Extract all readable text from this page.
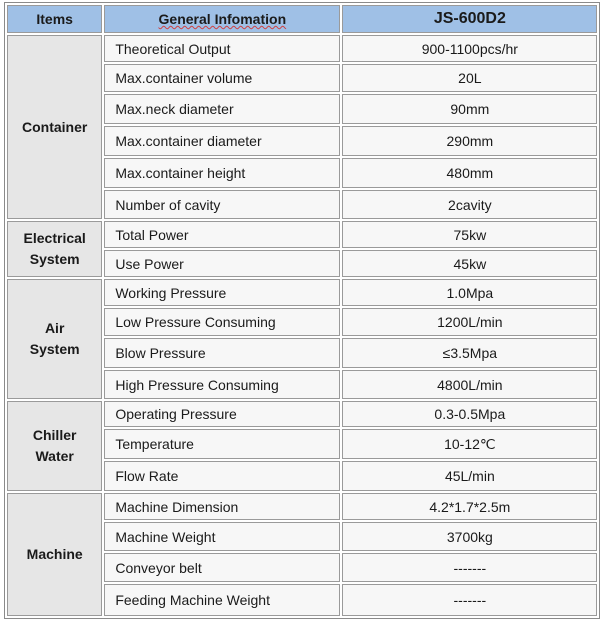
Items	General Infomation	JS-600D2
Container	Theoretical Output	900-1100pcs/hr
	Max.container volume	20L
	Max.neck diameter	90mm
	Max.container diameter	290mm
	Max.container height	480mm
	Number of cavity	2cavity
Electrical System	Total Power	75kw
	Use Power	45kw
Air System	Working Pressure	1.0Mpa
	Low Pressure Consuming	1200L/min
	Blow Pressure	≤3.5Mpa
	High Pressure Consuming	4800L/min
Chiller Water	Operating Pressure	0.3-0.5Mpa
	Temperature	10-12℃
	Flow Rate	45L/min
Machine	Machine Dimension	4.2*1.7*2.5m
	Machine Weight	3700kg
	Conveyor belt	-------
	Feeding Machine Weight	-------
